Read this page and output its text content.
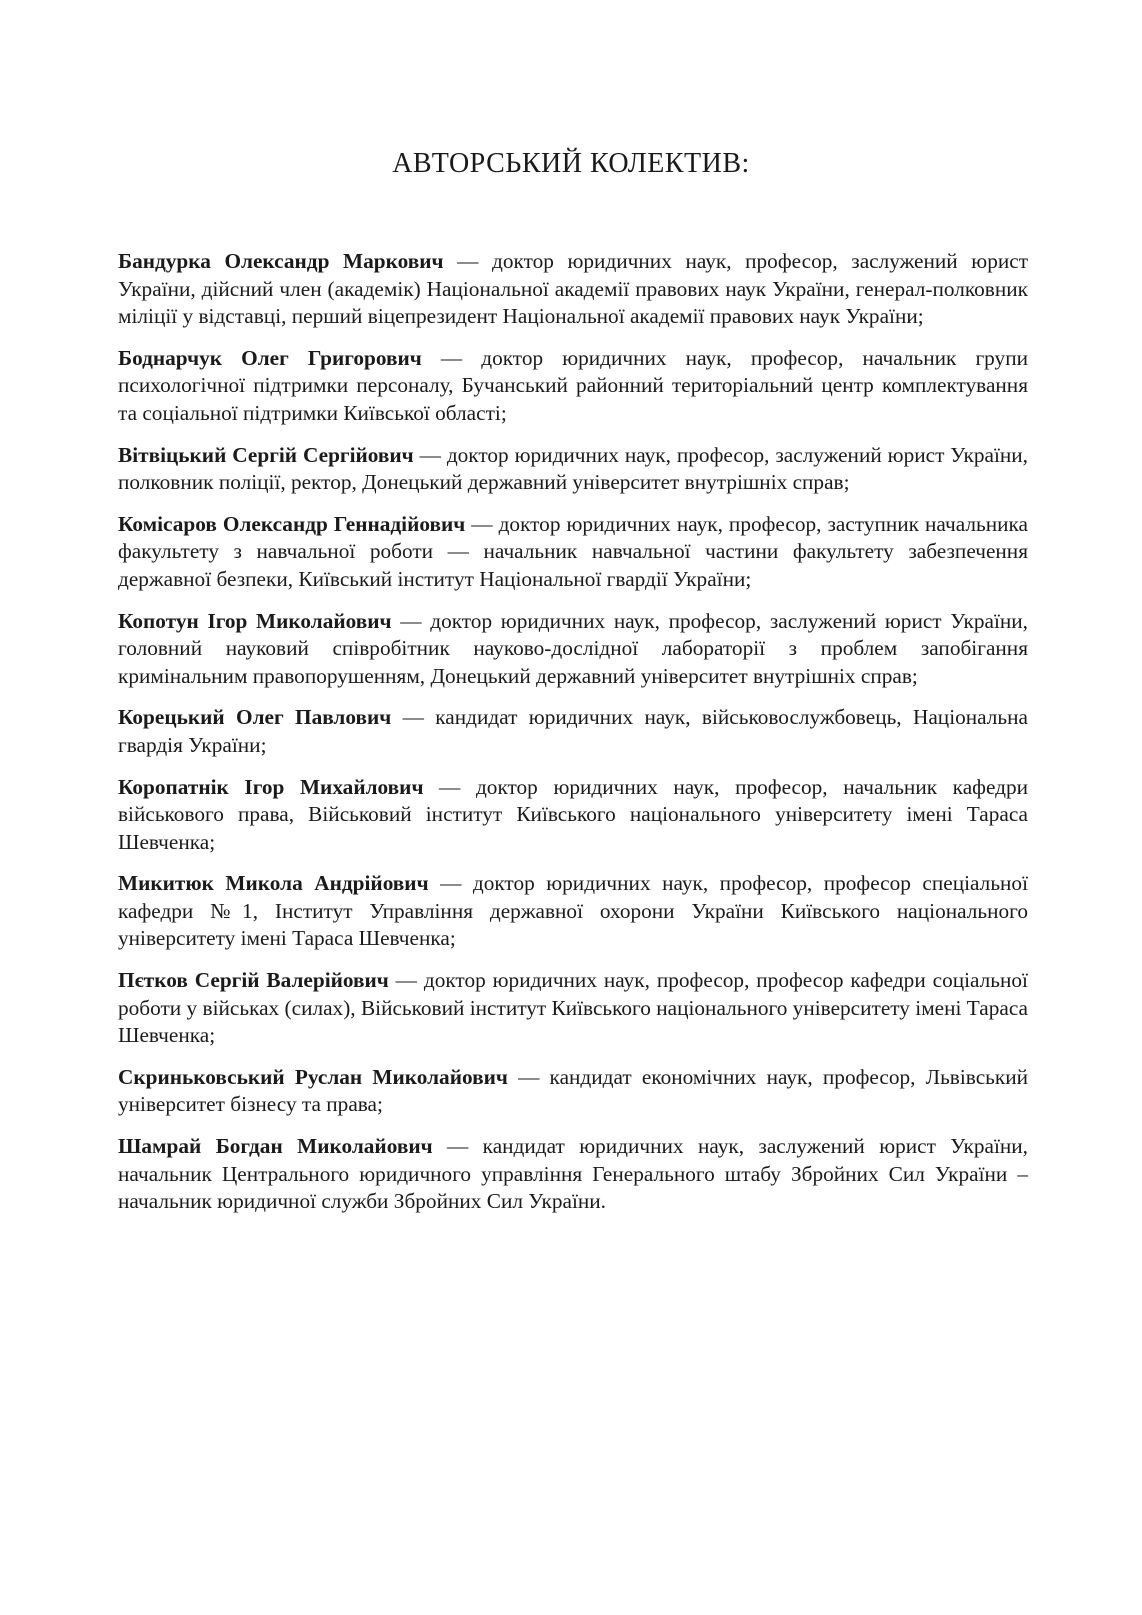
АВТОРСЬКИЙ КОЛЕКТИВ:
Бандурка Олександр Маркович — доктор юридичних наук, професор, заслужений юрист України, дійсний член (академік) Національної академії правових наук України, генерал-полковник міліції у відставці, перший віцепрезидент Національної академії правових наук України;
Боднарчук Олег Григорович — доктор юридичних наук, професор, начальник групи психологічної підтримки персоналу, Бучанський районний територіальний центр комплектування та соціальної підтримки Київської області;
Вітвіцький Сергій Сергійович — доктор юридичних наук, професор, заслужений юрист України, полковник поліції, ректор, Донецький державний університет внутрішніх справ;
Комісаров Олександр Геннадійович — доктор юридичних наук, професор, заступник начальника факультету з навчальної роботи — начальник навчальної частини факультету забезпечення державної безпеки, Київський інститут Національної гвардії України;
Копотун Ігор Миколайович — доктор юридичних наук, професор, заслужений юрист України, головний науковий співробітник науково-дослідної лабораторії з проблем запобігання кримінальним правопорушенням, Донецький державний університет внутрішніх справ;
Корецький Олег Павлович — кандидат юридичних наук, військовослужбовець, Національна гвардія України;
Коропатнік Ігор Михайлович — доктор юридичних наук, професор, начальник кафедри військового права, Військовий інститут Київського національного університету імені Тараса Шевченка;
Микитюк Микола Андрійович — доктор юридичних наук, професор, професор спеціальної кафедри №1, Інститут Управління державної охорони України Київського національного університету імені Тараса Шевченка;
Пєтков Сергій Валерійович — доктор юридичних наук, професор, професор кафедри соціальної роботи у військах (силах), Військовий інститут Київського національного університету імені Тараса Шевченка;
Скриньковський Руслан Миколайович — кандидат економічних наук, професор, Львівський університет бізнесу та права;
Шамрай Богдан Миколайович — кандидат юридичних наук, заслужений юрист України, начальник Центрального юридичного управління Генерального штабу Збройних Сил України – начальник юридичної служби Збройних Сил України.
